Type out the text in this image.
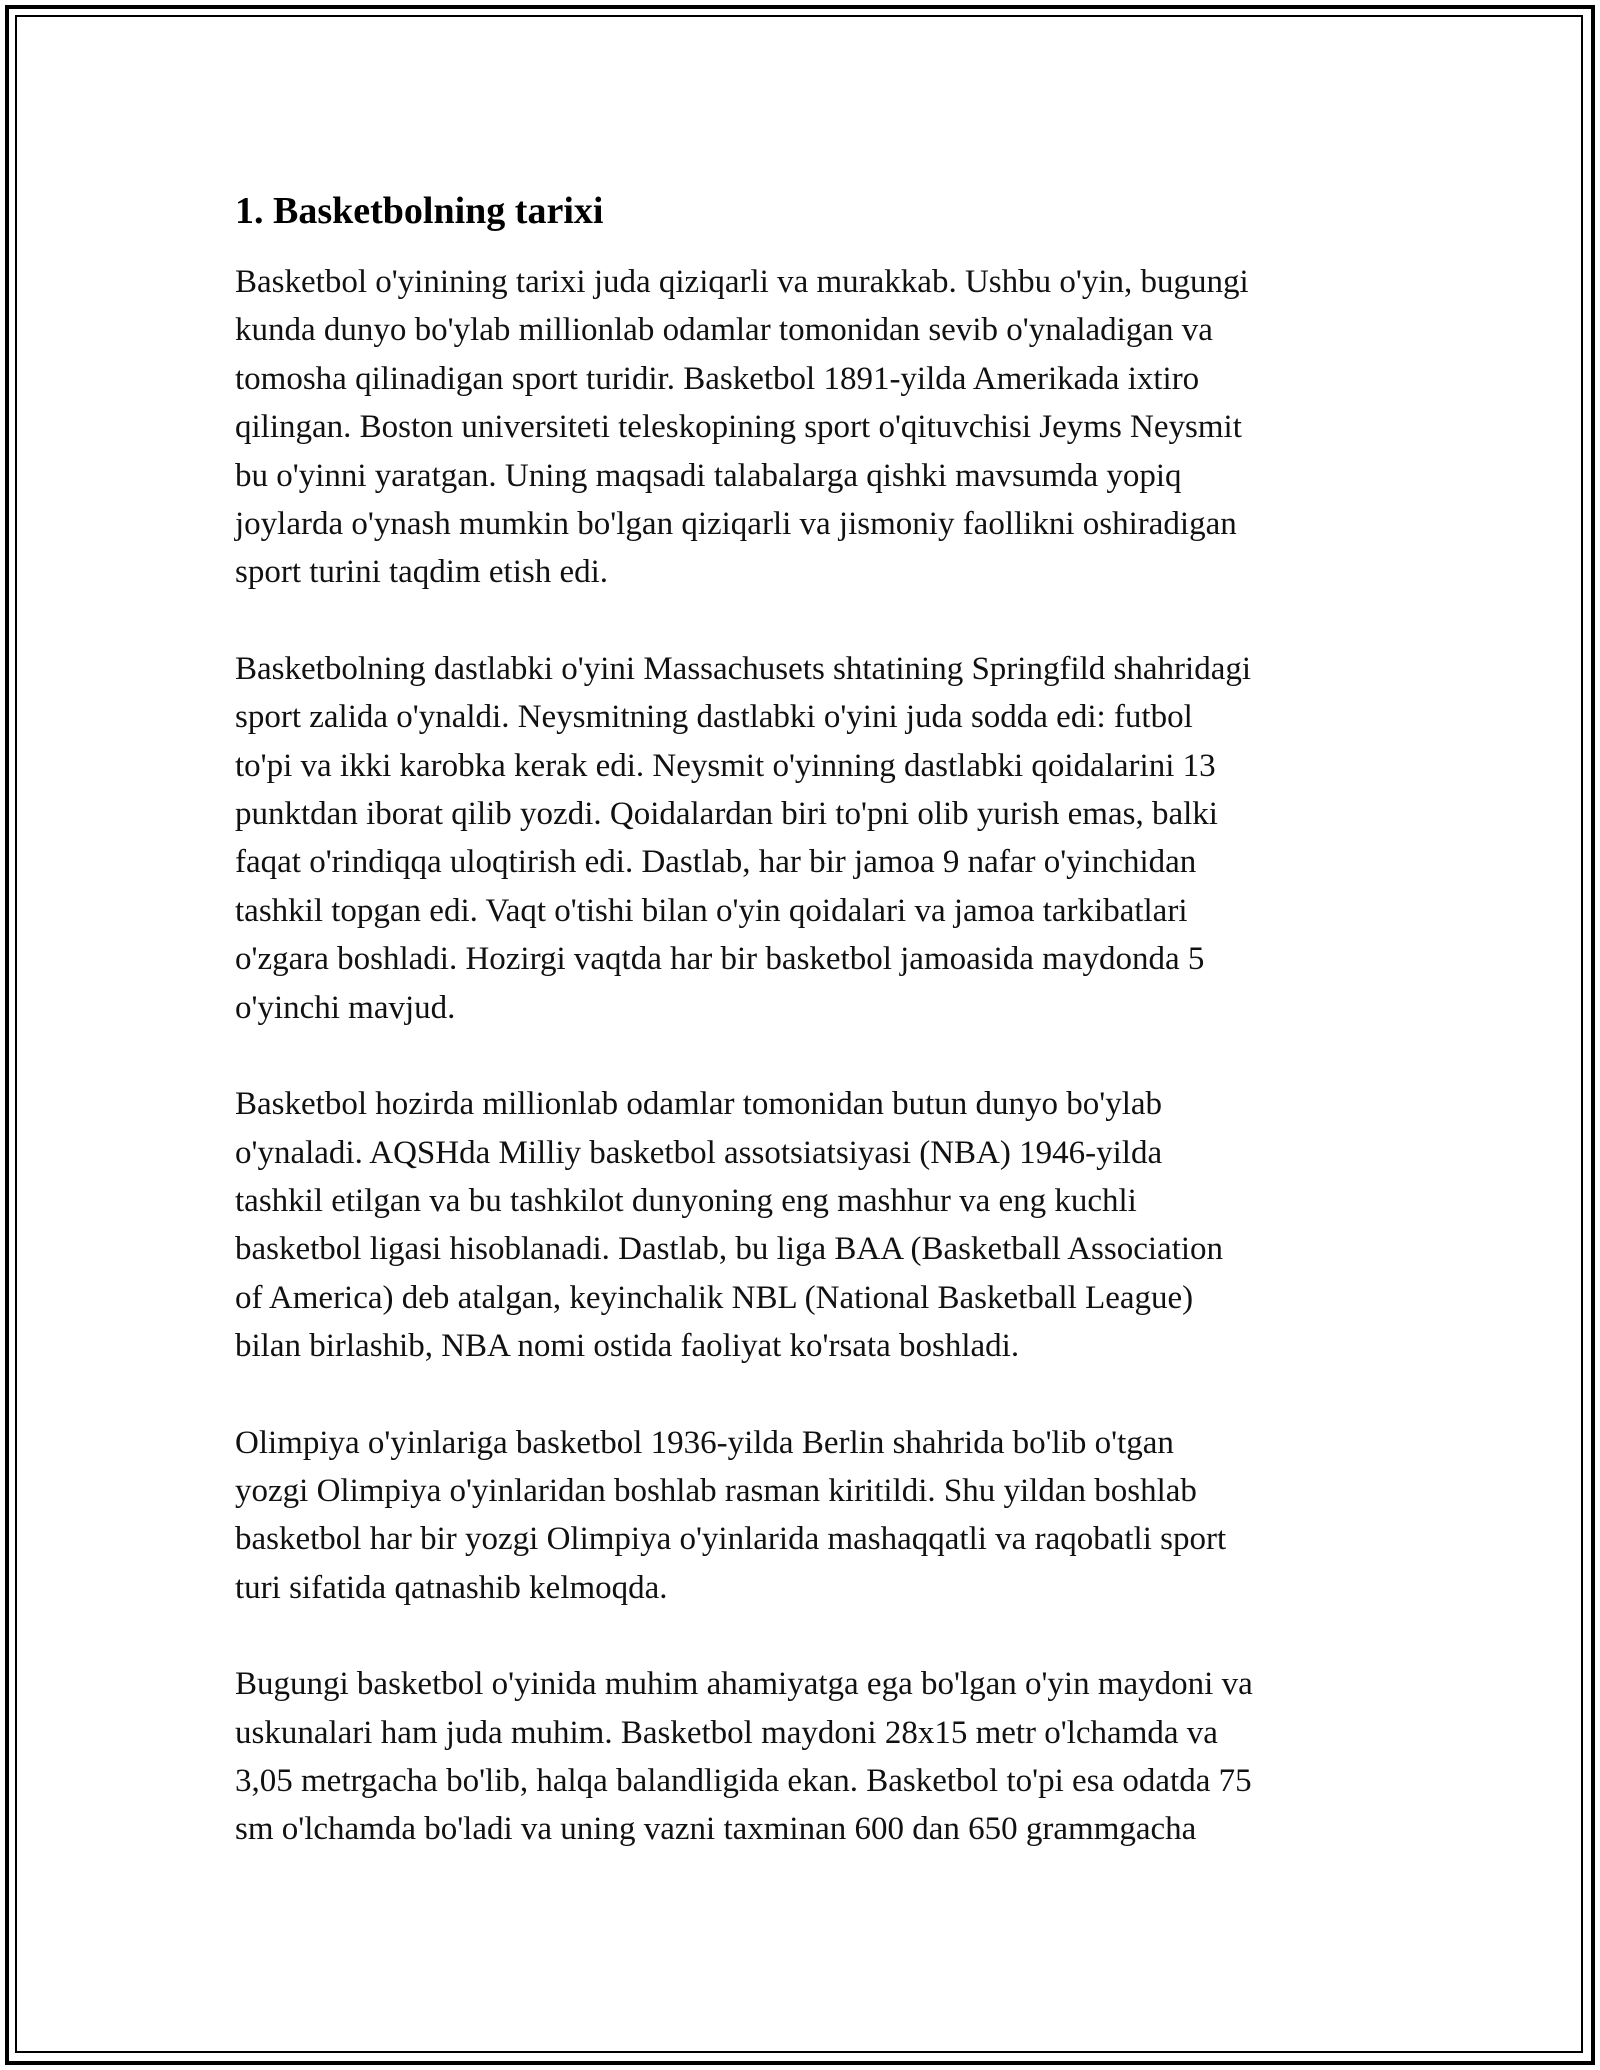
1. Basketbolning tarixi

Basketbol o'yinining tarixi juda qiziqarli va murakkab. Ushbu o'yin, bugungi
kunda dunyo bo'ylab millionlab odamlar tomonidan sevib o'ynaladigan va
tomosha qilinadigan sport turidir. Basketbol 1891-yilda Amerikada ixtiro
qilingan. Boston universiteti teleskopining sport o'qituvchisi Jeyms Neysmit
bu o'yinni yaratgan. Uning maqsadi talabalarga qishki mavsumda yopiq
joylarda o'ynash mumkin bo'lgan qiziqarli va jismoniy faollikni oshiradigan
sport turini taqdim etish edi.

Basketbolning dastlabki o'yini Massachusets shtatining Springfild shahridagi
sport zalida o'ynaldi. Neysmitning dastlabki o'yini juda sodda edi: futbol
to'pi va ikki karobka kerak edi. Neysmit o'yinning dastlabki qoidalarini 13
punktdan iborat qilib yozdi. Qoidalardan biri to'pni olib yurish emas, balki
faqat o'rindiqqa uloqtirish edi. Dastlab, har bir jamoa 9 nafar o'yinchidan
tashkil topgan edi. Vaqt o'tishi bilan o'yin qoidalari va jamoa tarkibatlari
o'zgara boshladi. Hozirgi vaqtda har bir basketbol jamoasida maydonda 5
o'yinchi mavjud.

Basketbol hozirda millionlab odamlar tomonidan butun dunyo bo'ylab
o'ynaladi. AQSHda Milliy basketbol assotsiatsiyasi (NBA) 1946-yilda
tashkil etilgan va bu tashkilot dunyoning eng mashhur va eng kuchli
basketbol ligasi hisoblanadi. Dastlab, bu liga BAA (Basketball Association
of America) deb atalgan, keyinchalik NBL (National Basketball League)
bilan birlashib, NBA nomi ostida faoliyat ko'rsata boshladi.

Olimpiya o'yinlariga basketbol 1936-yilda Berlin shahrida bo'lib o'tgan
yozgi Olimpiya o'yinlaridan boshlab rasman kiritildi. Shu yildan boshlab
basketbol har bir yozgi Olimpiya o'yinlarida mashaqqatli va raqobatli sport
turi sifatida qatnashib kelmoqda.

Bugungi basketbol o'yinida muhim ahamiyatga ega bo'lgan o'yin maydoni va
uskunalari ham juda muhim. Basketbol maydoni 28x15 metr o'lchamda va
3,05 metrgacha bo'lib, halqa balandligida ekan. Basketbol to'pi esa odatda 75
sm o'lchamda bo'ladi va uning vazni taxminan 600 dan 650 grammgacha
